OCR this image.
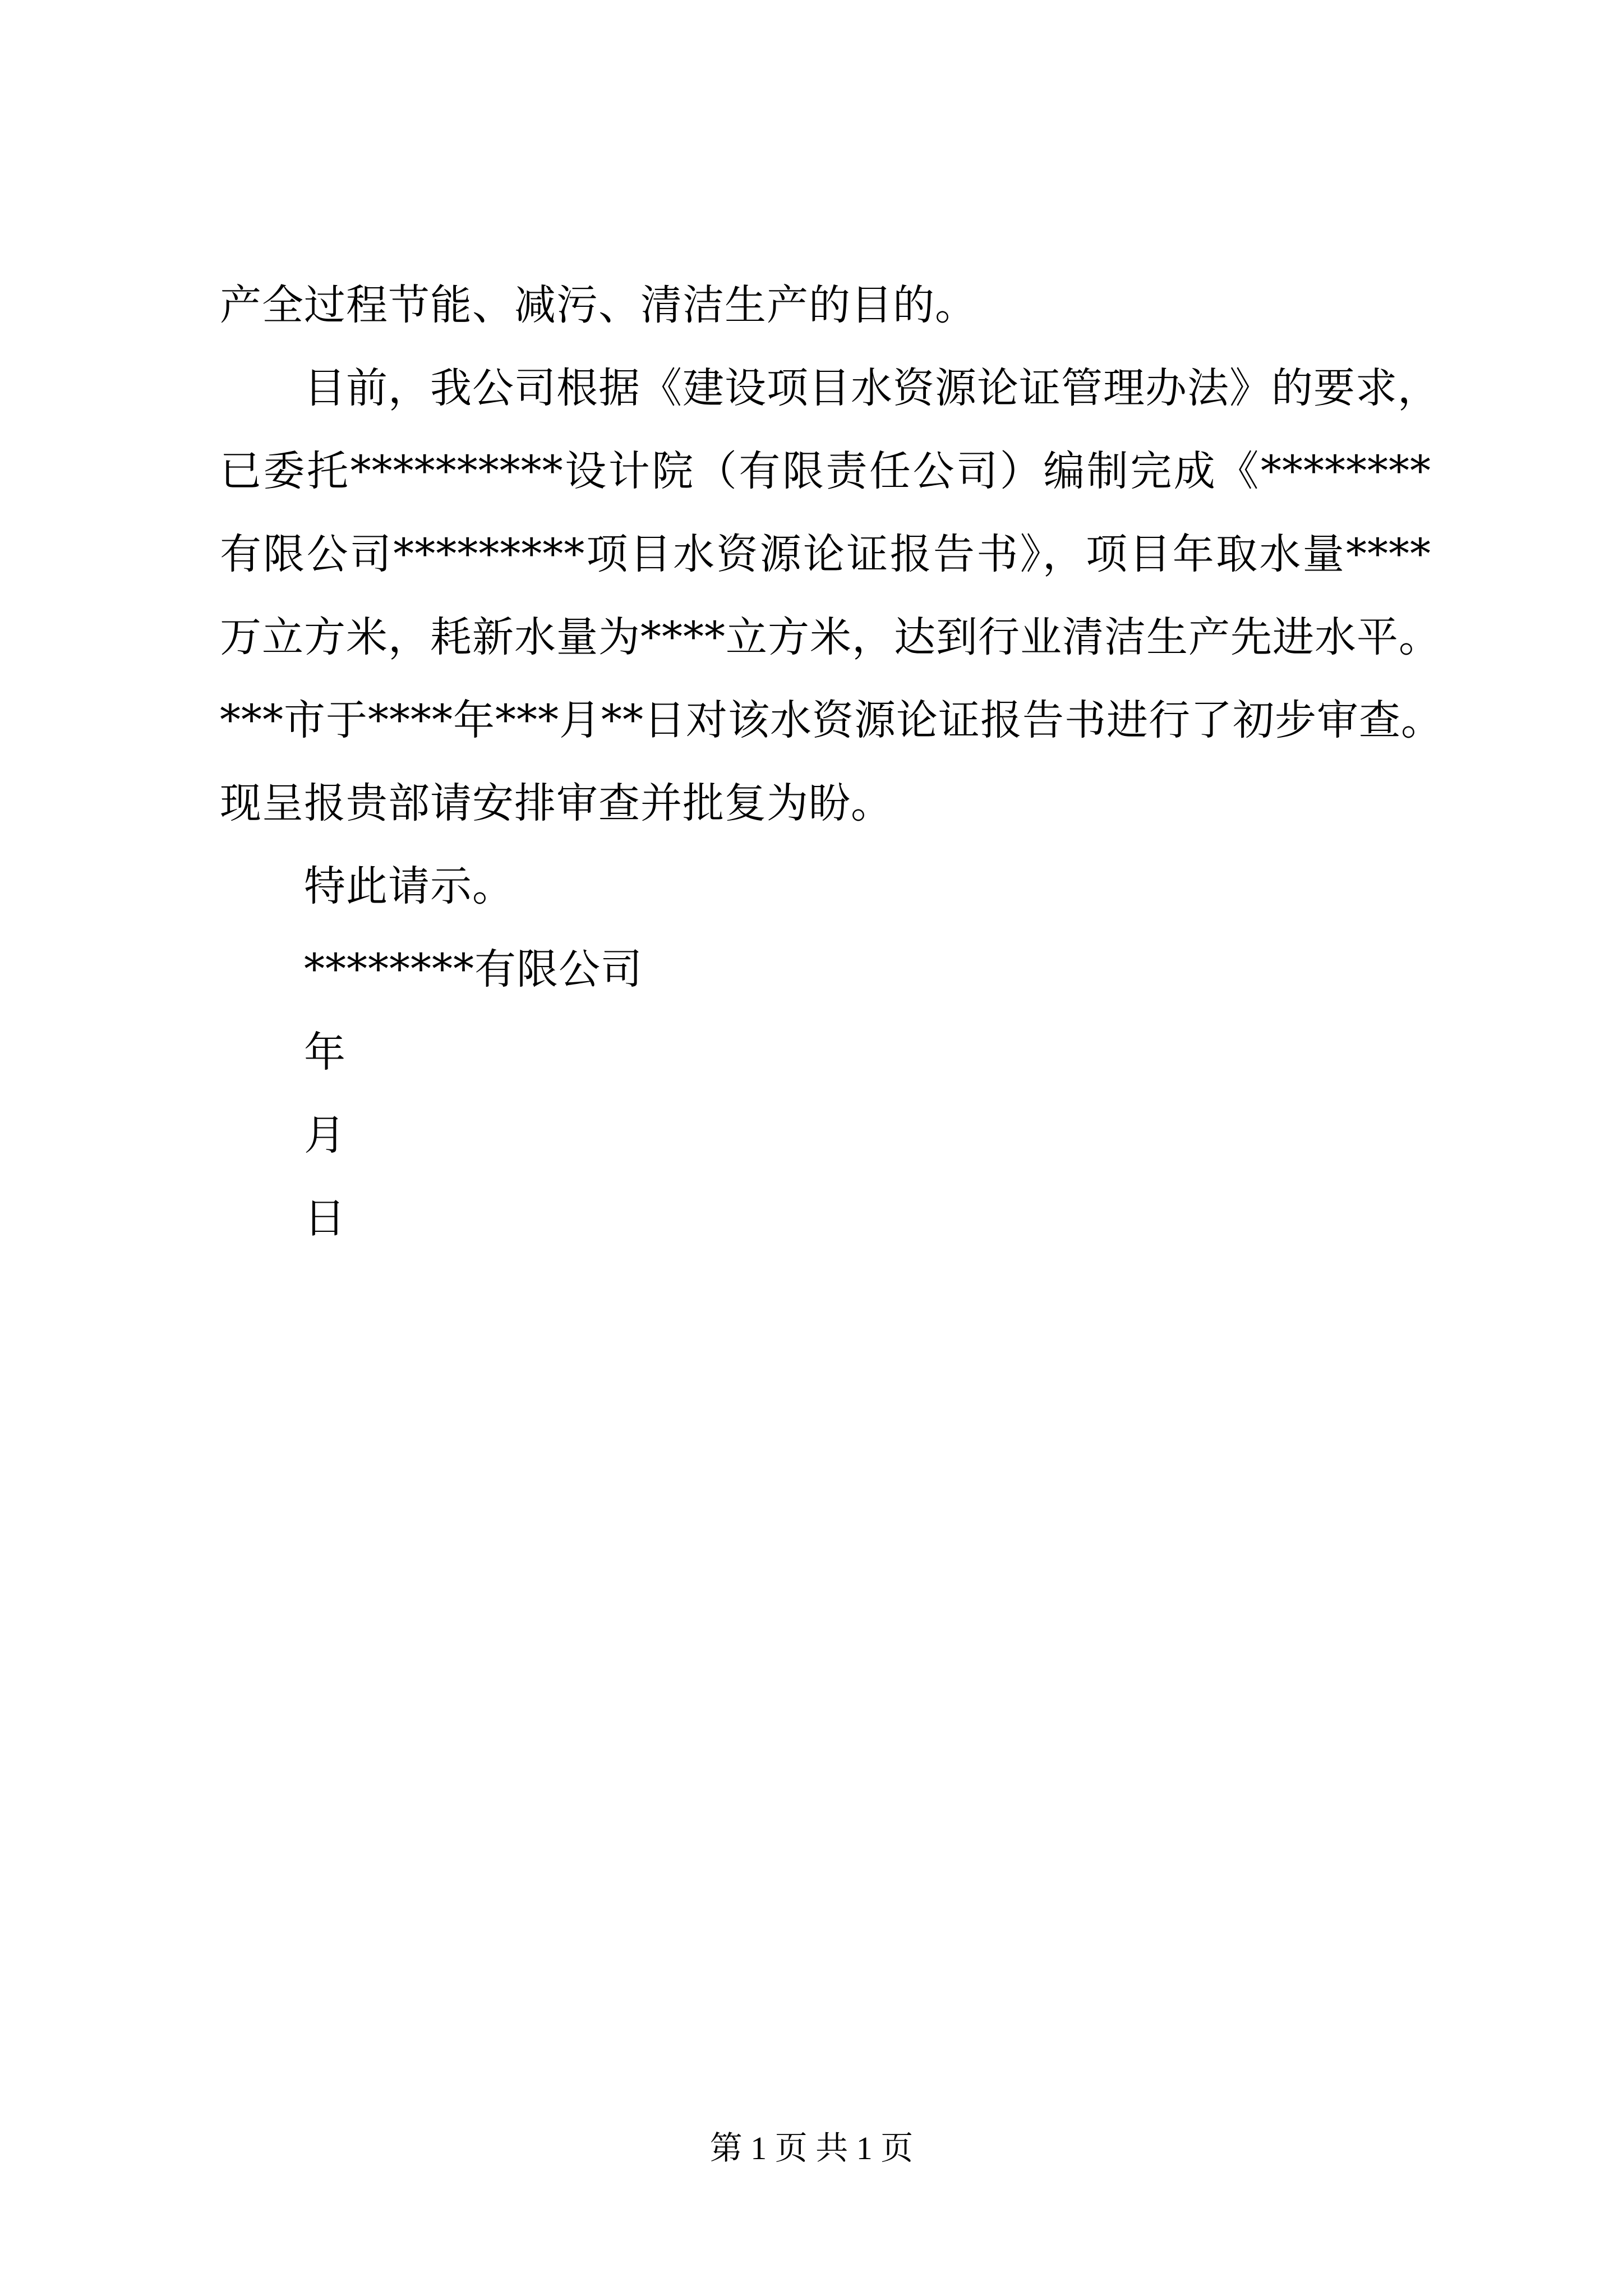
产全过程节能、减污、清洁生产的目的。
目前，我公司根据《建设项目水资源论证管理办法》的要求，
已委托**********设计院（有限责任公司）编制完成《********
有限公司*********项目水资源论证报告书》，项目年取水量****
万立方米，耗新水量为****立方米，达到行业清洁生产先进水平。
***市于****年***月**日对该水资源论证报告书进行了初步审查。
现呈报贵部请安排审查并批复为盼。
特此请示。
********有限公司
年
月
日
第 1 页 共 1 页
